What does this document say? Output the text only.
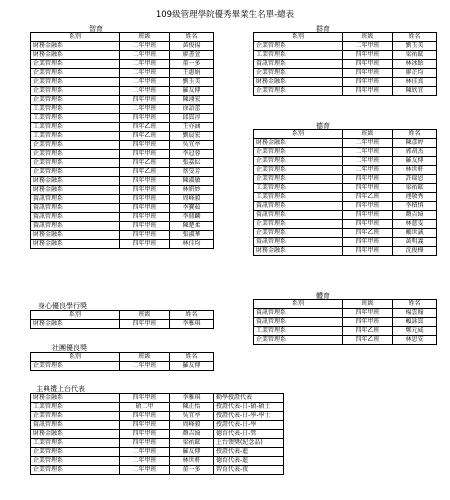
109級管理學院優秀畢業生名單-總表
智育
系別	班級	姓名
財務金融系	二年甲班	黃俊揚
財務金融系	二年甲班	廖書萱
企業管理系	二年甲班	董一多
企業管理系	二年甲班	王惠娟
企業管理系	二年甲班	劉玉美
企業管理系	二年甲班	羅友傳
企業管理系	四年甲班	陳翊宏
工業管理系	二年甲班	徐語蕾
工業管理系	四年甲班	邱貫淳
工業管理系	四年乙班	王亦涵
工業管理系	四年乙班	劉晨宏
企業管理系	四年甲班	吳宜亭
企業管理系	四年甲班	李冠蓉
企業管理系	四年乙班	張嘉紜
企業管理系	四年乙班	蔡旻芳
財務金融系	四年甲班	陳淑敏
財務金融系	四年甲班	林妍妙
資訊管理系	四年甲班	周峰毅
資訊管理系	四年甲班	李寶茹
資訊管理系	四年甲班	李鼎麟
資訊管理系	四年甲班	陳楚柔
財務金融系	四年甲班	張淑華
財務金融系	四年甲班	林佳均
群育
系別	班級	姓名
企業管理系	二年甲班	劉玉美
工業管理系	四年甲班	梁祐鋐
資訊管理系	四年甲班	林冰飴
企業管理系	四年甲班	廖芷均
財務金融系	四年甲班	林佳真
企業管理系	四年甲班	陳欣宜
德育
系別	班級	姓名
財務金融系	二年甲班	陳彥婷
企業管理系	二年甲班	郭胡杰
企業管理系	二年甲班	羅友傳
企業管理系	二年甲班	林世軒
企業管理系	四年甲班	許瑞恩
工業管理系	四年甲班	梁祐鋐
工業管理系	四年乙班	連敬秀
資訊管理系	四年甲班	李積慎
資訊管理系	四年甲班	顏吉綺
企業管理系	四年甲班	林慈雯
企業管理系	四年乙班	戴世誠
資訊管理系	四年甲班	黃明義
財務金融系	四年甲班	沈俊樺
體育
系別	班級	姓名
資訊管理系	四年甲班	楊雲翰
資訊管理系	四年甲班	賴詠貫
工業管理系	四年乙班	鄭元威
企業管理系	四年乙班	林思安
身心優良學行獎
系別	班級	姓名
財務金融系	四年甲班	李雅琪
社團優良獎
系別	班級	姓名
企業管理系	二年甲班	羅友傳
主典禮上台代表
財務金融系	四年甲班	李雅琪	勤學授證代表
工業管理系	碩二甲	陳正怡	授證代表-日-碩-碩士
企業管理系	四年甲班	吳宜亭	授證代表-日-學-學士
資訊管理系	四年甲班	周峰毅	授證代表-日-學
財務金融系	四年甲班	顏吉綺	德育代表-日-管
工業管理系	四年甲班	梁祐鋐	上台領獎(紀念品)
企業管理系	二年甲班	羅友傳	授證代表-進
企業管理系	二年甲班	林世軒	德育代表-進
企業管理系	二年甲班	董一多	智育代表-夜
